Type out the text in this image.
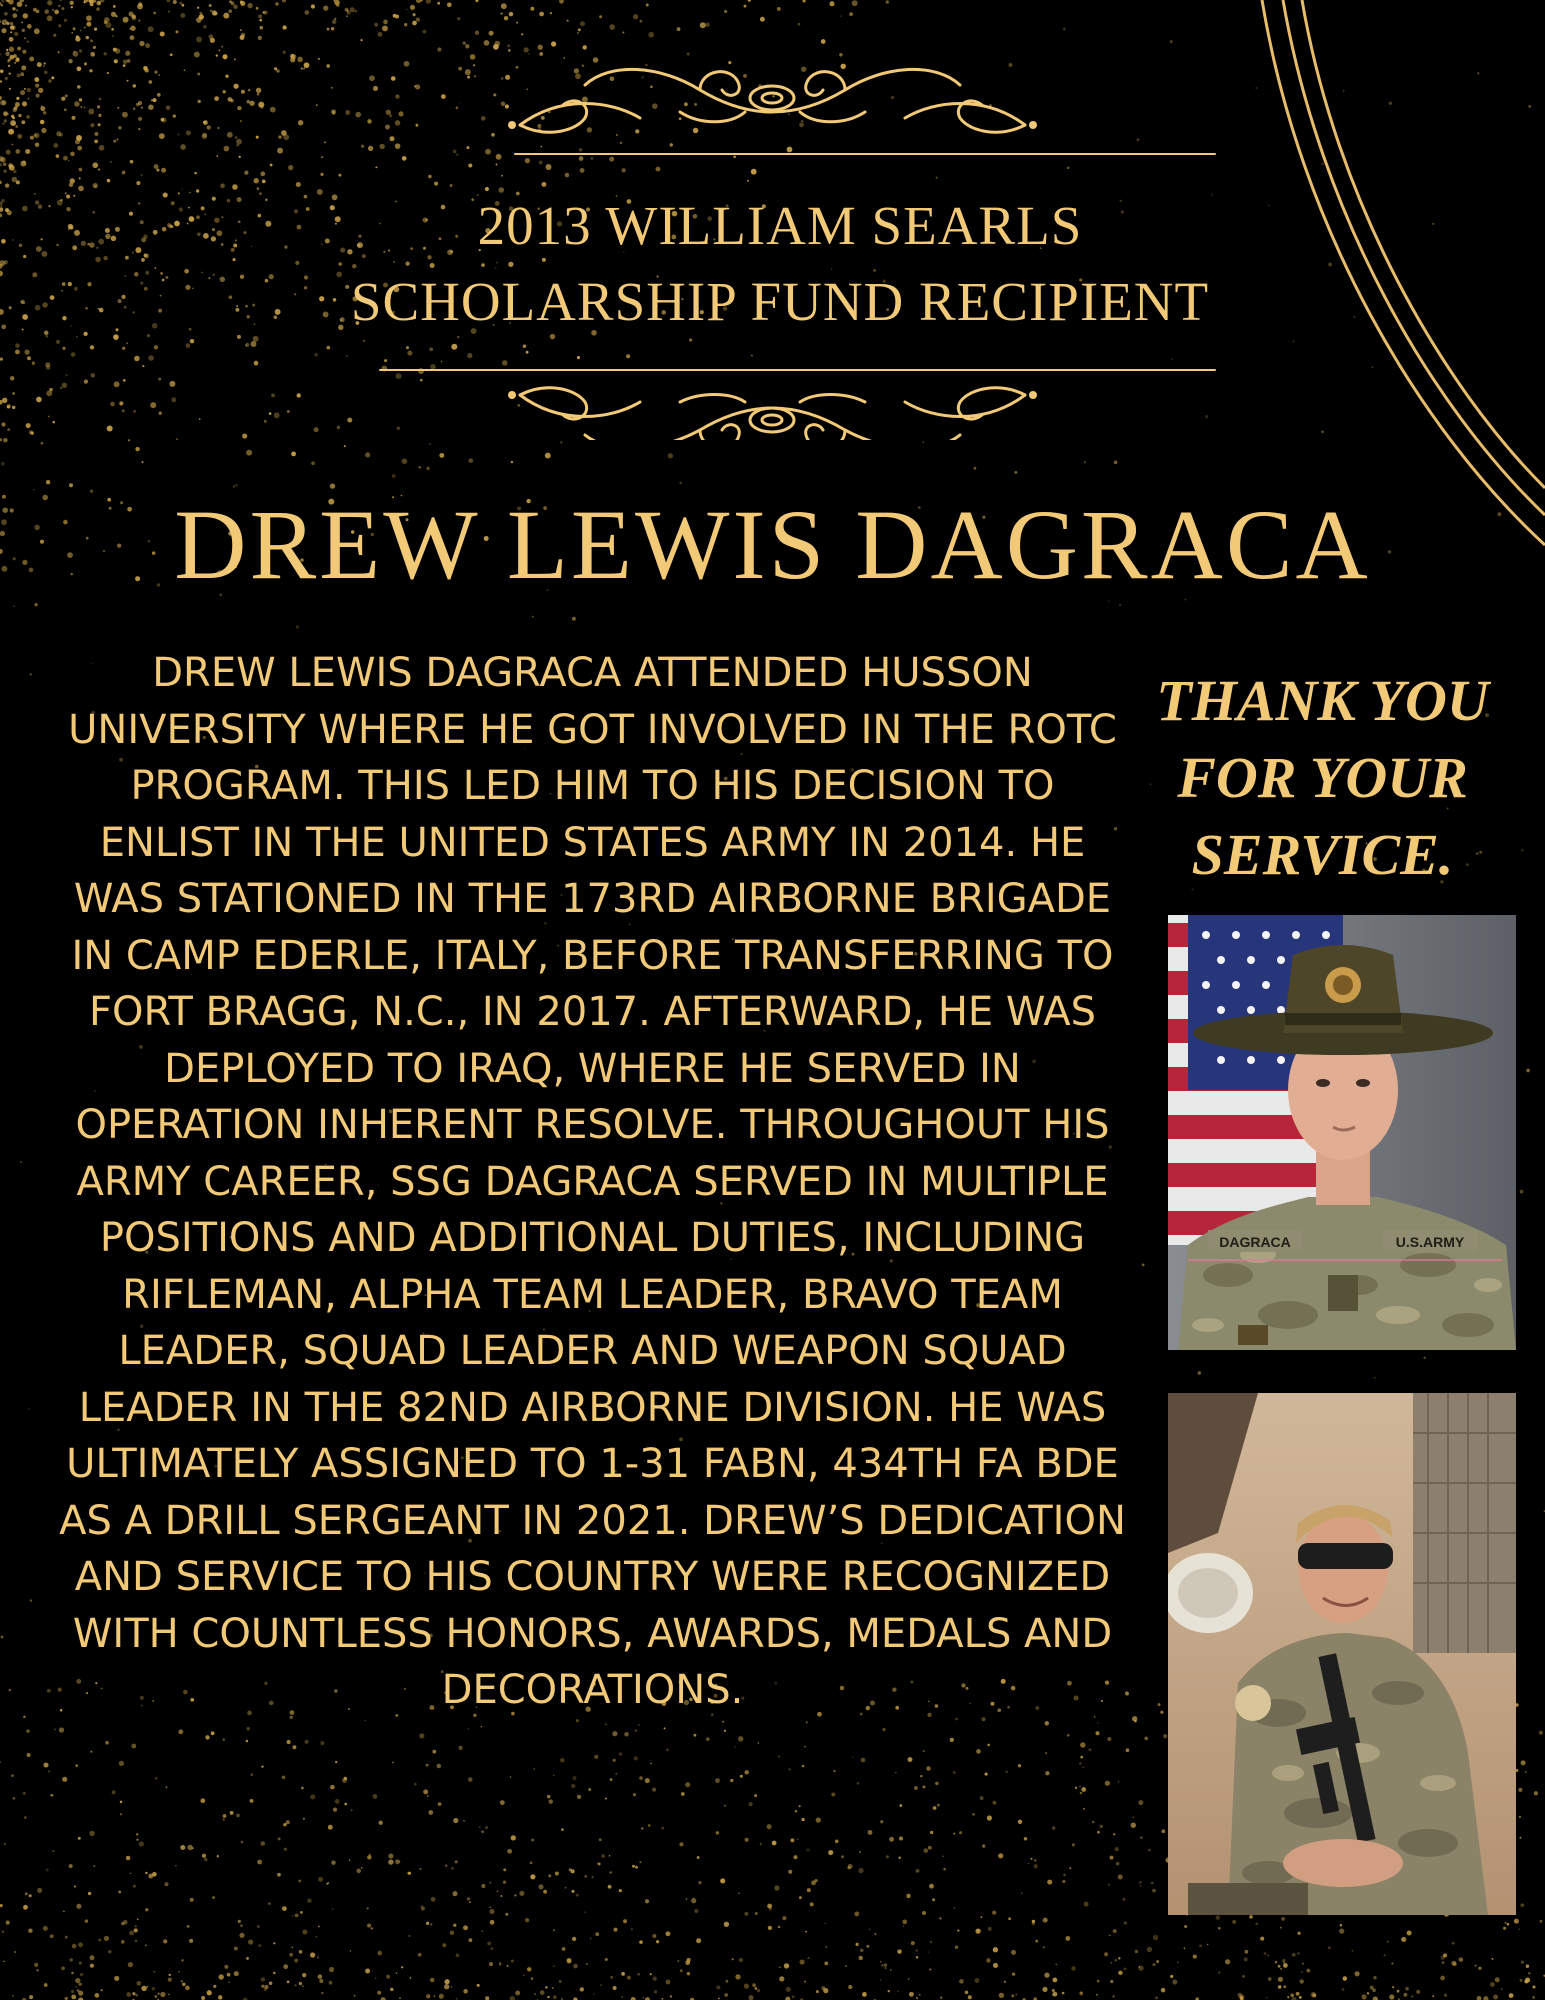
2013 WILLIAM SEARLS
SCHOLARSHIP FUND RECIPIENT
DREW LEWIS DAGRACA

DREW LEWIS DAGRACA ATTENDED HUSSON UNIVERSITY WHERE HE GOT INVOLVED IN THE ROTC PROGRAM. THIS LED HIM TO HIS DECISION TO ENLIST IN THE UNITED STATES ARMY IN 2014. HE WAS STATIONED IN THE 173RD AIRBORNE BRIGADE IN CAMP EDERLE, ITALY, BEFORE TRANSFERRING TO FORT BRAGG, N.C., IN 2017. AFTERWARD, HE WAS DEPLOYED TO IRAQ, WHERE HE SERVED IN OPERATION INHERENT RESOLVE. THROUGHOUT HIS ARMY CAREER, SSG DAGRACA SERVED IN MULTIPLE POSITIONS AND ADDITIONAL DUTIES, INCLUDING RIFLEMAN, ALPHA TEAM LEADER, BRAVO TEAM LEADER, SQUAD LEADER AND WEAPON SQUAD LEADER IN THE 82ND AIRBORNE DIVISION. HE WAS ULTIMATELY ASSIGNED TO 1-31 FABN, 434TH FA BDE AS A DRILL SERGEANT IN 2021. DREW’S DEDICATION AND SERVICE TO HIS COUNTRY WERE RECOGNIZED WITH COUNTLESS HONORS, AWARDS, MEDALS AND DECORATIONS.

THANK YOU FOR YOUR SERVICE.
DAGRACA	U.S.ARMY
